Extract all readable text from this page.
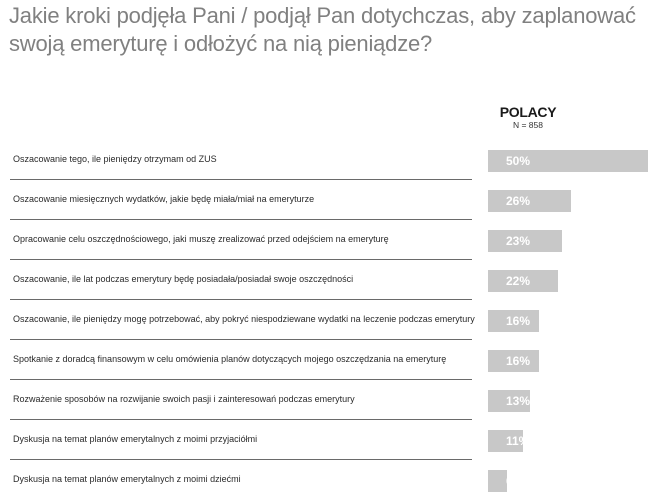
Jakie kroki podjęła Pani / podjął Pan dotychczas, aby zaplanować swoją emeryturę i odłożyć na nią pieniądze?
POLACY
N = 858
Oszacowanie tego, ile pieniędzy otrzymam od ZUS	50%
Oszacowanie miesięcznych wydatków, jakie będę miała/miał na emeryturze	26%
Opracowanie celu oszczędnościowego, jaki muszę zrealizować przed odejściem na emeryturę	23%
Oszacowanie, ile lat podczas emerytury będę posiadała/posiadał swoje oszczędności	22%
Oszacowanie, ile pieniędzy mogę potrzebować, aby pokryć niespodziewane wydatki na leczenie podczas emerytury	16%
Spotkanie z doradcą finansowym w celu omówienia planów dotyczących mojego oszczędzania na emeryturę	16%
Rozważenie sposobów na rozwijanie swoich pasji i zainteresowań podczas emerytury	13%
Dyskusja na temat planów emerytalnych z moimi przyjaciółmi	11%
Dyskusja na temat planów emerytalnych z moimi dziećmi	6%
